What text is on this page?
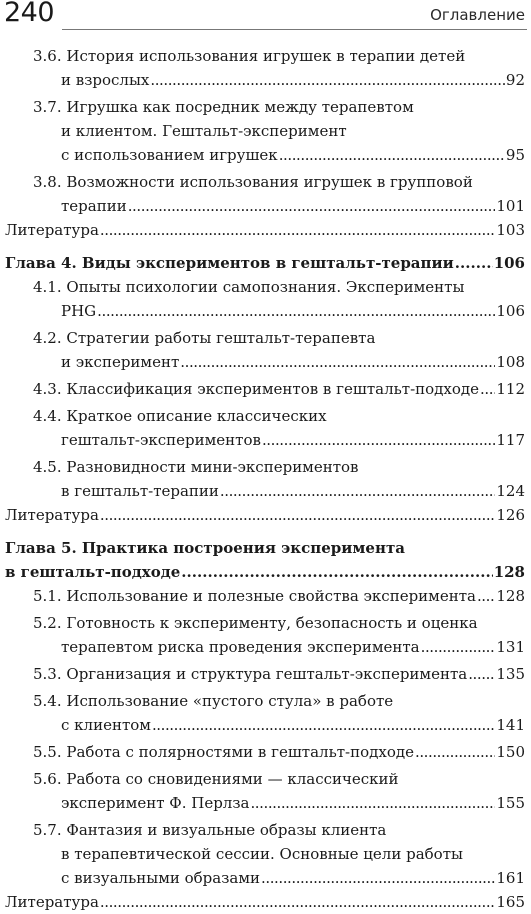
240	Оглавление
3.6. История использования игрушек в терапии детей
и взрослых . . .	92
3.7. Игрушка как посредник между терапевтом
и клиентом. Гештальт-эксперимент
с использованием игрушек . . .	95
3.8. Возможности использования игрушек в групповой
терапии . . .	101
Литература . . .	103
Глава 4. Виды экспериментов в гештальт-терапии . . .	106
4.1. Опыты психологии самопознания. Эксперименты
PHG . . .	106
4.2. Стратегии работы гештальт-терапевта
и эксперимент . . .	108
4.3. Классификация экспериментов в гештальт-подходе . . . 112
4.4. Краткое описание классических
гештальт-экспериментов . . .	117
4.5. Разновидности мини-экспериментов
в гештальт-терапии . . .	124
Литература . . .	126
Глава 5. Практика построения эксперимента
в гештальт-подходе . . .	128
5.1. Использование и полезные свойства эксперимента . . . 128
5.2. Готовность к эксперименту, безопасность и оценка
терапевтом риска проведения эксперимента . . .	131
5.3. Организация и структура гештальт-эксперимента . . . 135
5.4. Использование «пустого стула» в работе
с клиентом . . .	141
5.5. Работа с полярностями в гештальт-подходе . . .	150
5.6. Работа со сновидениями — классический
эксперимент Ф. Перлза . . .	155
5.7. Фантазия и визуальные образы клиента
в терапевтической сессии. Основные цели работы
с визуальными образами . . .	161
Литература . . .	165
